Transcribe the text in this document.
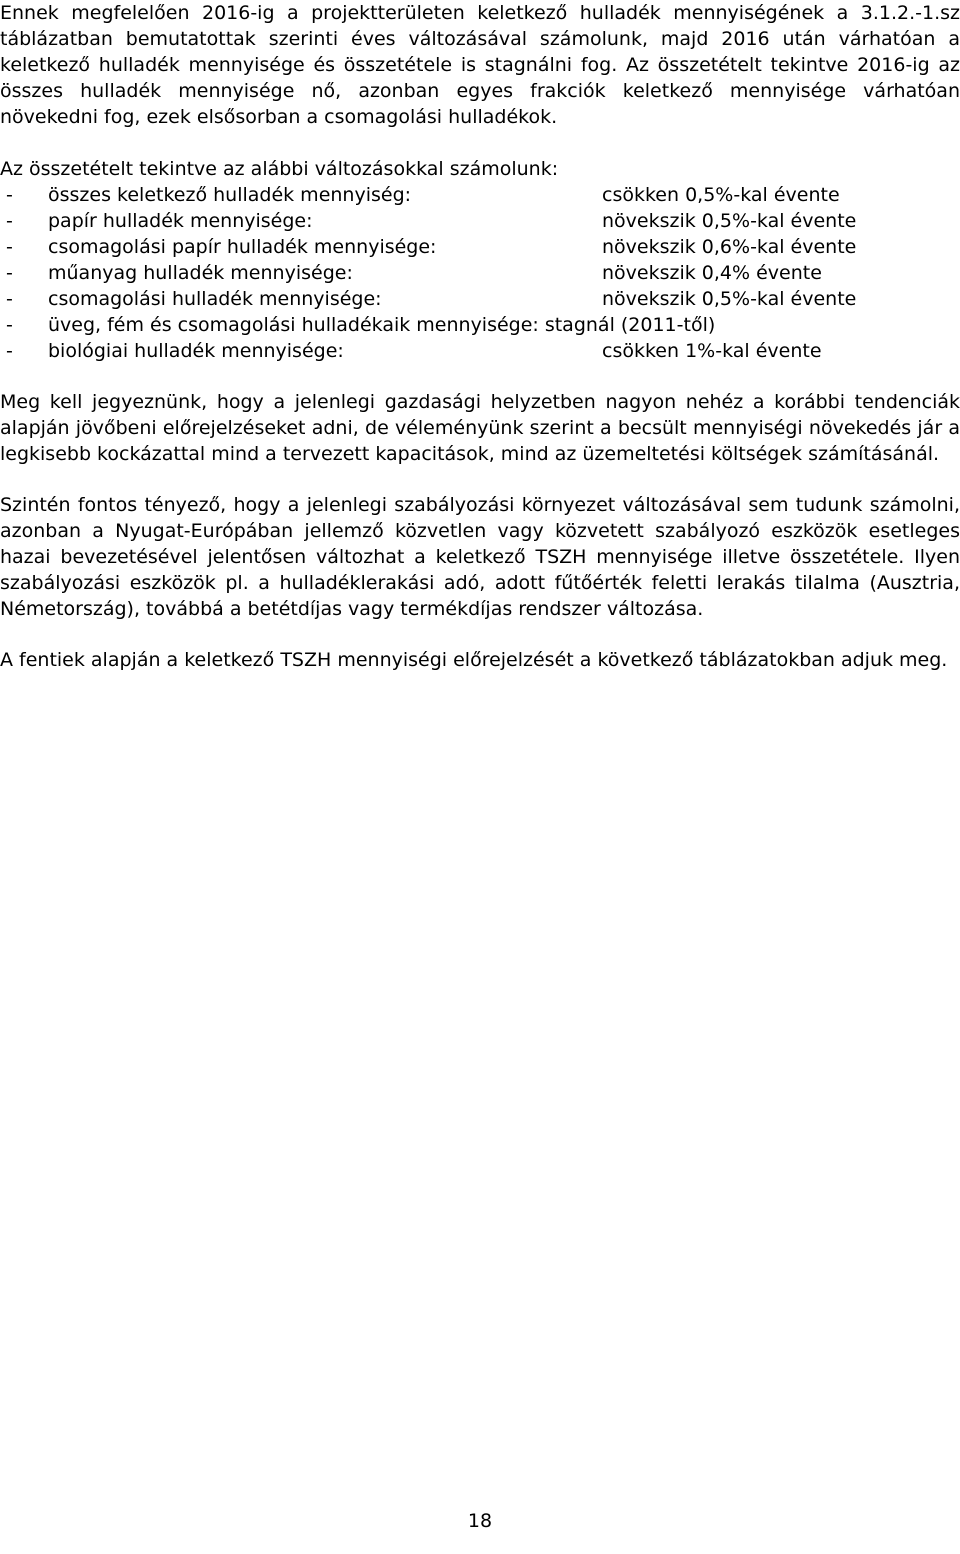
Ennek megfelelően 2016-ig a projektterületen keletkező hulladék mennyiségének a 3.1.2.-1.sz táblázatban bemutatottak szerinti éves változásával számolunk, majd 2016 után várhatóan a keletkező hulladék mennyisége és összetétele is stagnálni fog. Az összetételt tekintve 2016-ig az összes hulladék mennyisége nő, azonban egyes frakciók keletkező mennyisége várhatóan növekedni fog, ezek elsősorban a csomagolási hulladékok.

Az összetételt tekintve az alábbi változásokkal számolunk:

-	összes keletkező hulladék mennyiség:	csökken 0,5%-kal évente
-	papír hulladék mennyisége:	növekszik 0,5%-kal évente
-	csomagolási papír hulladék mennyisége:	növekszik 0,6%-kal évente
-	műanyag hulladék mennyisége:	növekszik 0,4% évente
-	csomagolási hulladék mennyisége:	növekszik 0,5%-kal évente
-	üveg, fém és csomagolási hulladékaik mennyisége: stagnál (2011-től)
-	biológiai hulladék mennyisége:	csökken 1%-kal évente

Meg kell jegyeznünk, hogy a jelenlegi gazdasági helyzetben nagyon nehéz a korábbi tendenciák alapján jövőbeni előrejelzéseket adni, de véleményünk szerint a becsült mennyiségi növekedés jár a legkisebb kockázattal mind a tervezett kapacitások, mind az üzemeltetési költségek számításánál.

Szintén fontos tényező, hogy a jelenlegi szabályozási környezet változásával sem tudunk számolni, azonban a Nyugat-Európában jellemző közvetlen vagy közvetett szabályozó eszközök esetleges hazai bevezetésével jelentősen változhat a keletkező TSZH mennyisége illetve összetétele. Ilyen szabályozási eszközök pl. a hulladéklerakási adó, adott fűtőérték feletti lerakás tilalma (Ausztria, Németország), továbbá a betétdíjas vagy termékdíjas rendszer változása.

A fentiek alapján a keletkező TSZH mennyiségi előrejelzését a következő táblázatokban adjuk meg.

18
